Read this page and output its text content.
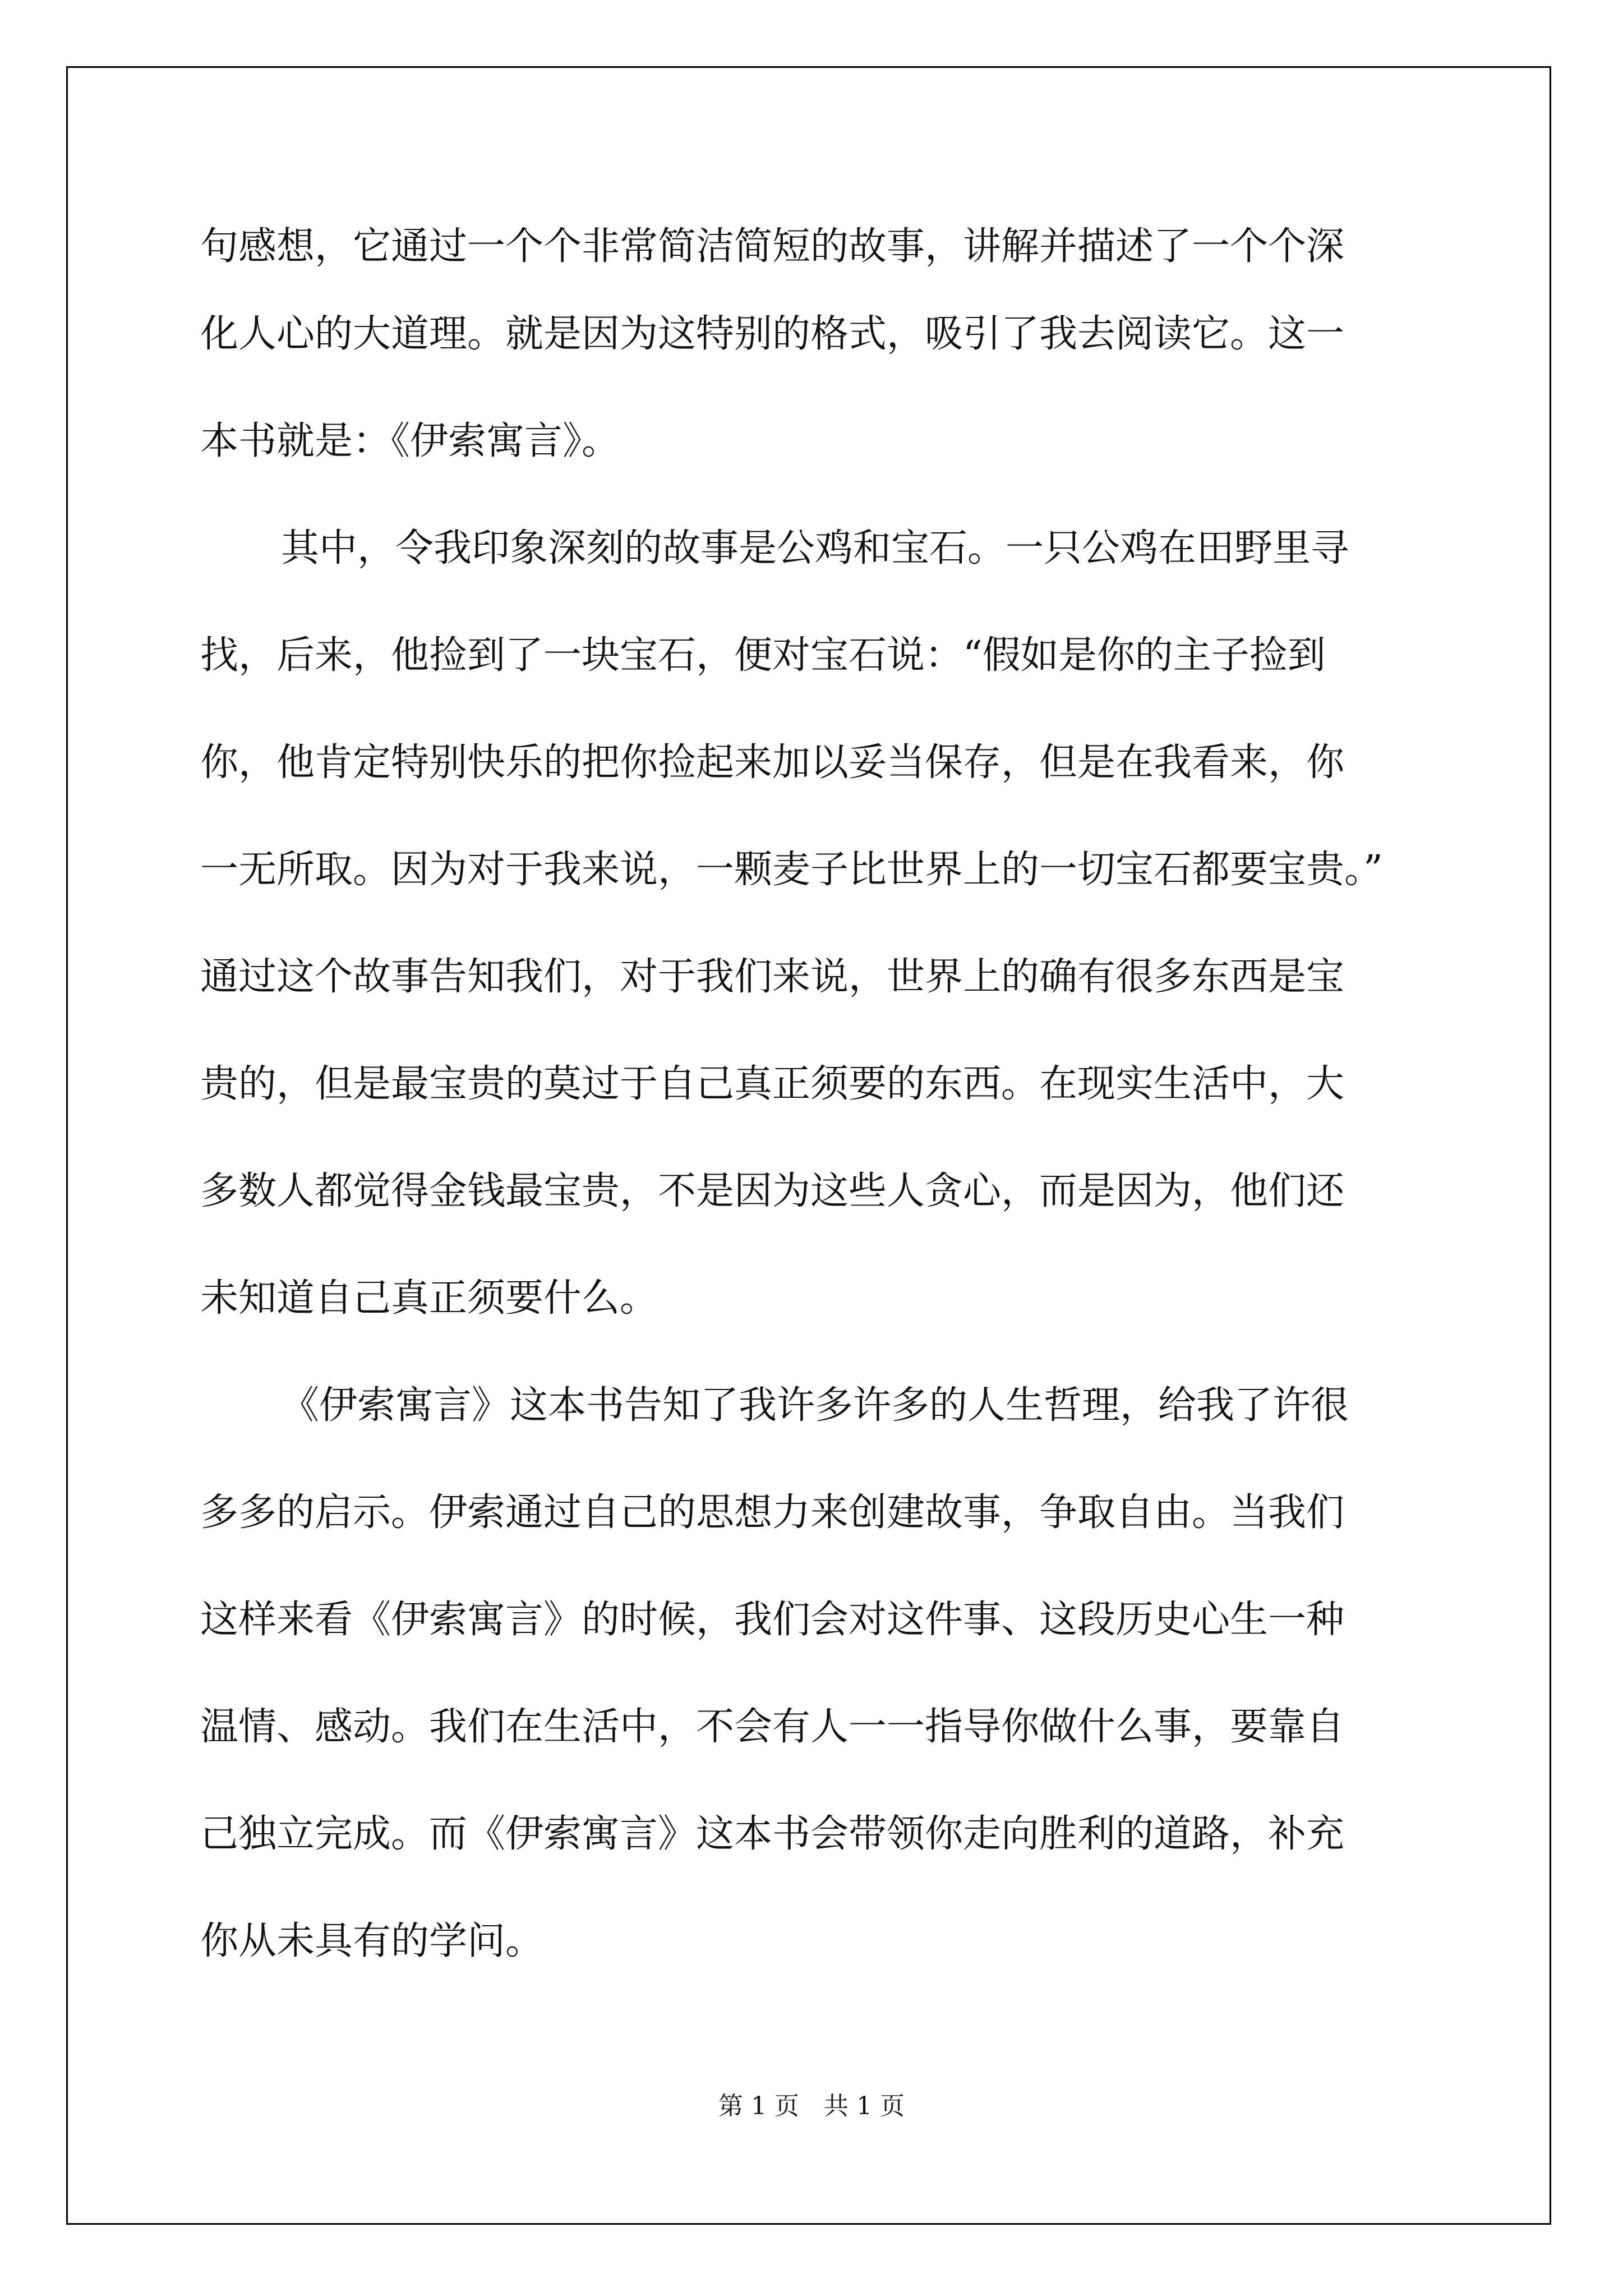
句感想，它通过一个个非常简洁简短的故事，讲解并描述了一个个深
化人心的大道理。就是因为这特别的格式，吸引了我去阅读它。这一
本书就是：《伊索寓言》。
其中，令我印象深刻的故事是公鸡和宝石。一只公鸡在田野里寻
找，后来，他捡到了一块宝石，便对宝石说：“假如是你的主子捡到
你，他肯定特别快乐的把你捡起来加以妥当保存，但是在我看来，你
一无所取。因为对于我来说，一颗麦子比世界上的一切宝石都要宝贵。”
通过这个故事告知我们，对于我们来说，世界上的确有很多东西是宝
贵的，但是最宝贵的莫过于自己真正须要的东西。在现实生活中，大
多数人都觉得金钱最宝贵，不是因为这些人贪心，而是因为，他们还
未知道自己真正须要什么。
《伊索寓言》这本书告知了我许多许多的人生哲理，给我了许很
多多的启示。伊索通过自己的思想力来创建故事，争取自由。当我们
这样来看《伊索寓言》的时候，我们会对这件事、这段历史心生一种
温情、感动。我们在生活中，不会有人一一指导你做什么事，要靠自
己独立完成。而《伊索寓言》这本书会带领你走向胜利的道路，补充
你从未具有的学问。
第 1 页　共 1 页
